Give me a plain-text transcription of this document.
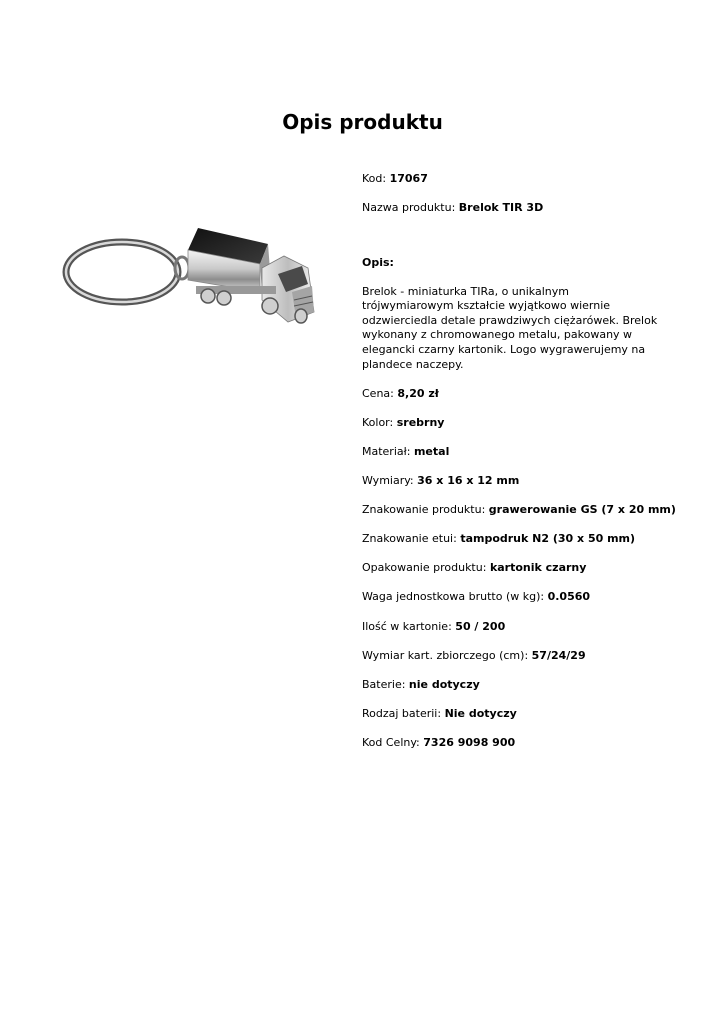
Opis produktu

Kod: 17067

Nazwa produktu: Brelok TIR 3D

Opis:

Brelok - miniaturka TIRa, o unikalnym trójwymiarowym kształcie wyjątkowo wiernie odzwierciedla detale prawdziwych ciężarówek. Brelok wykonany z chromowanego metalu, pakowany w elegancki czarny kartonik. Logo wygrawerujemy na plandece naczepy.

Cena: 8,20 zł

Kolor: srebrny

Materiał: metal

Wymiary: 36 x 16 x 12 mm

Znakowanie produktu: grawerowanie GS (7 x 20 mm)

Znakowanie etui: tampodruk N2 (30 x 50 mm)

Opakowanie produktu: kartonik czarny

Waga jednostkowa brutto (w kg): 0.0560

Ilość w kartonie: 50 / 200

Wymiar kart. zbiorczego (cm): 57/24/29

Baterie: nie dotyczy

Rodzaj baterii: Nie dotyczy

Kod Celny: 7326 9098 900
